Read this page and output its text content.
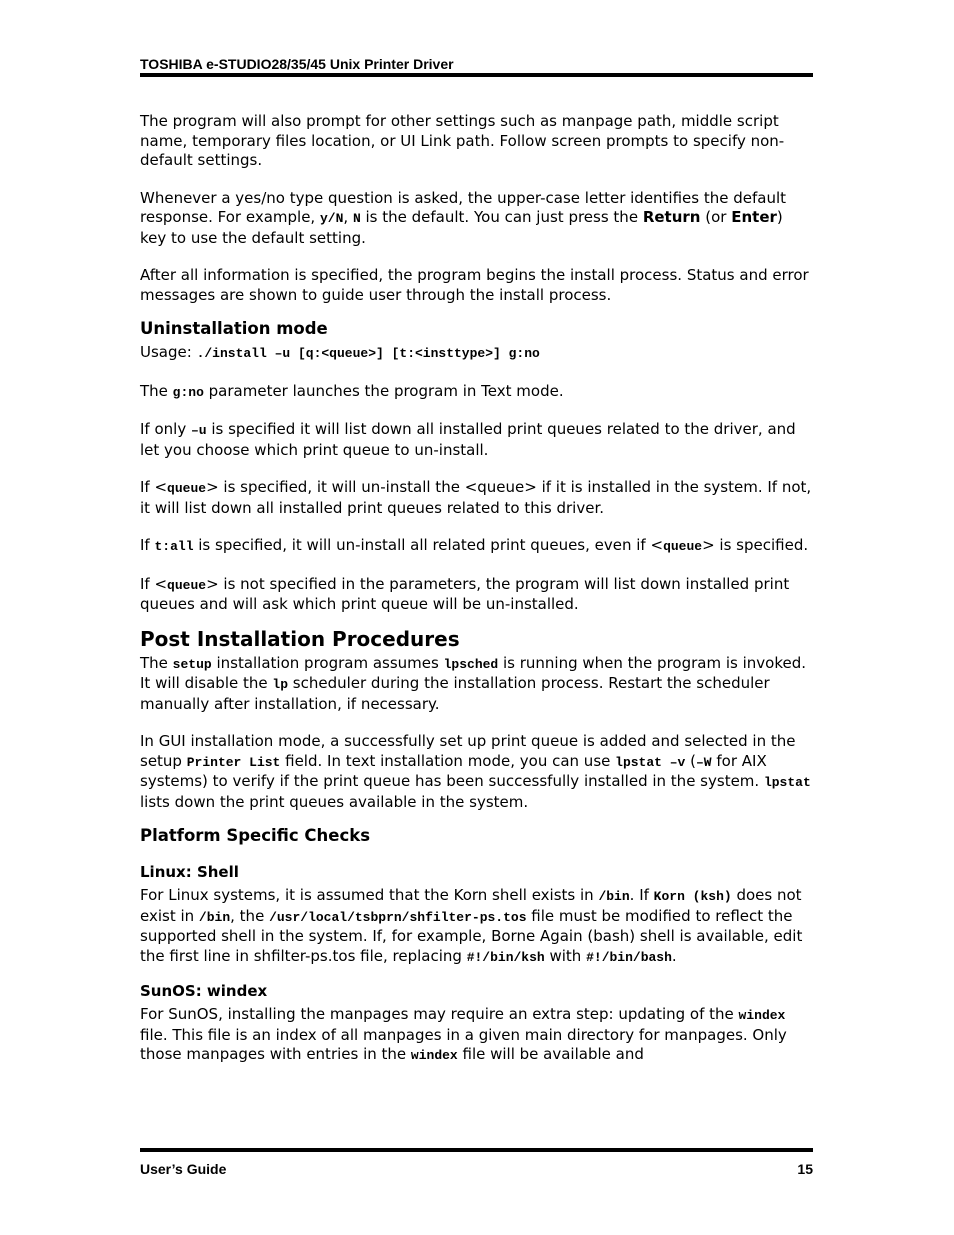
TOSHIBA e-STUDIO28/35/45 Unix Printer Driver

The program will also prompt for other settings such as manpage path, middle script name, temporary files location, or UI Link path. Follow screen prompts to specify non-default settings.

Whenever a yes/no type question is asked, the upper-case letter identifies the default response. For example, y/N, N is the default. You can just press the Return (or Enter) key to use the default setting.

After all information is specified, the program begins the install process. Status and error messages are shown to guide user through the install process.

Uninstallation mode

Usage: ./install –u [q:<queue>] [t:<insttype>] g:no

The g:no parameter launches the program in Text mode.

If only –u is specified it will list down all installed print queues related to the driver, and let you choose which print queue to un-install.

If <queue> is specified, it will un-install the <queue> if it is installed in the system. If not, it will list down all installed print queues related to this driver.

If t:all is specified, it will un-install all related print queues, even if <queue> is specified.

If <queue> is not specified in the parameters, the program will list down installed print queues and will ask which print queue will be un-installed.

Post Installation Procedures

The setup installation program assumes lpsched is running when the program is invoked. It will disable the lp scheduler during the installation process. Restart the scheduler manually after installation, if necessary.

In GUI installation mode, a successfully set up print queue is added and selected in the setup Printer List field. In text installation mode, you can use lpstat –v (–W for AIX systems) to verify if the print queue has been successfully installed in the system. lpstat lists down the print queues available in the system.

Platform Specific Checks
Linux: Shell

For Linux systems, it is assumed that the Korn shell exists in /bin. If Korn (ksh) does not exist in /bin, the /usr/local/tsbprn/shfilter-ps.tos file must be modified to reflect the supported shell in the system. If, for example, Borne Again (bash) shell is available, edit the first line in shfilter-ps.tos file, replacing #!/bin/ksh with #!/bin/bash.

SunOS: windex

For SunOS, installing the manpages may require an extra step: updating of the windex file. This file is an index of all manpages in a given main directory for manpages. Only those manpages with entries in the windex file will be available and

User’s Guide	15
